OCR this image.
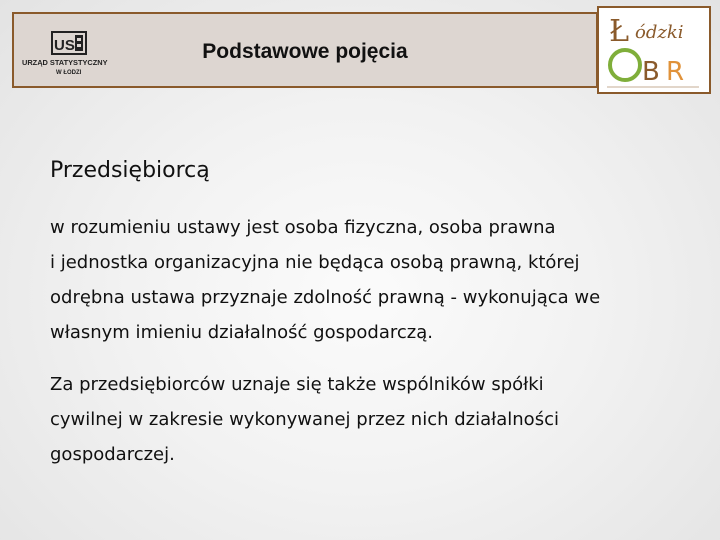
US
URZĄD STATYSTYCZNY
W ŁODZI
Podstawowe pojęcia
Ł ódzki
B R
Przedsiębiorcą
w rozumieniu ustawy jest osoba fizyczna, osoba prawna
i jednostka organizacyjna nie będąca osobą prawną, której
odrębna ustawa przyznaje zdolność prawną - wykonująca we
własnym imieniu działalność gospodarczą.
Za przedsiębiorców uznaje się także wspólników spółki
cywilnej w zakresie wykonywanej przez nich działalności
gospodarczej.
